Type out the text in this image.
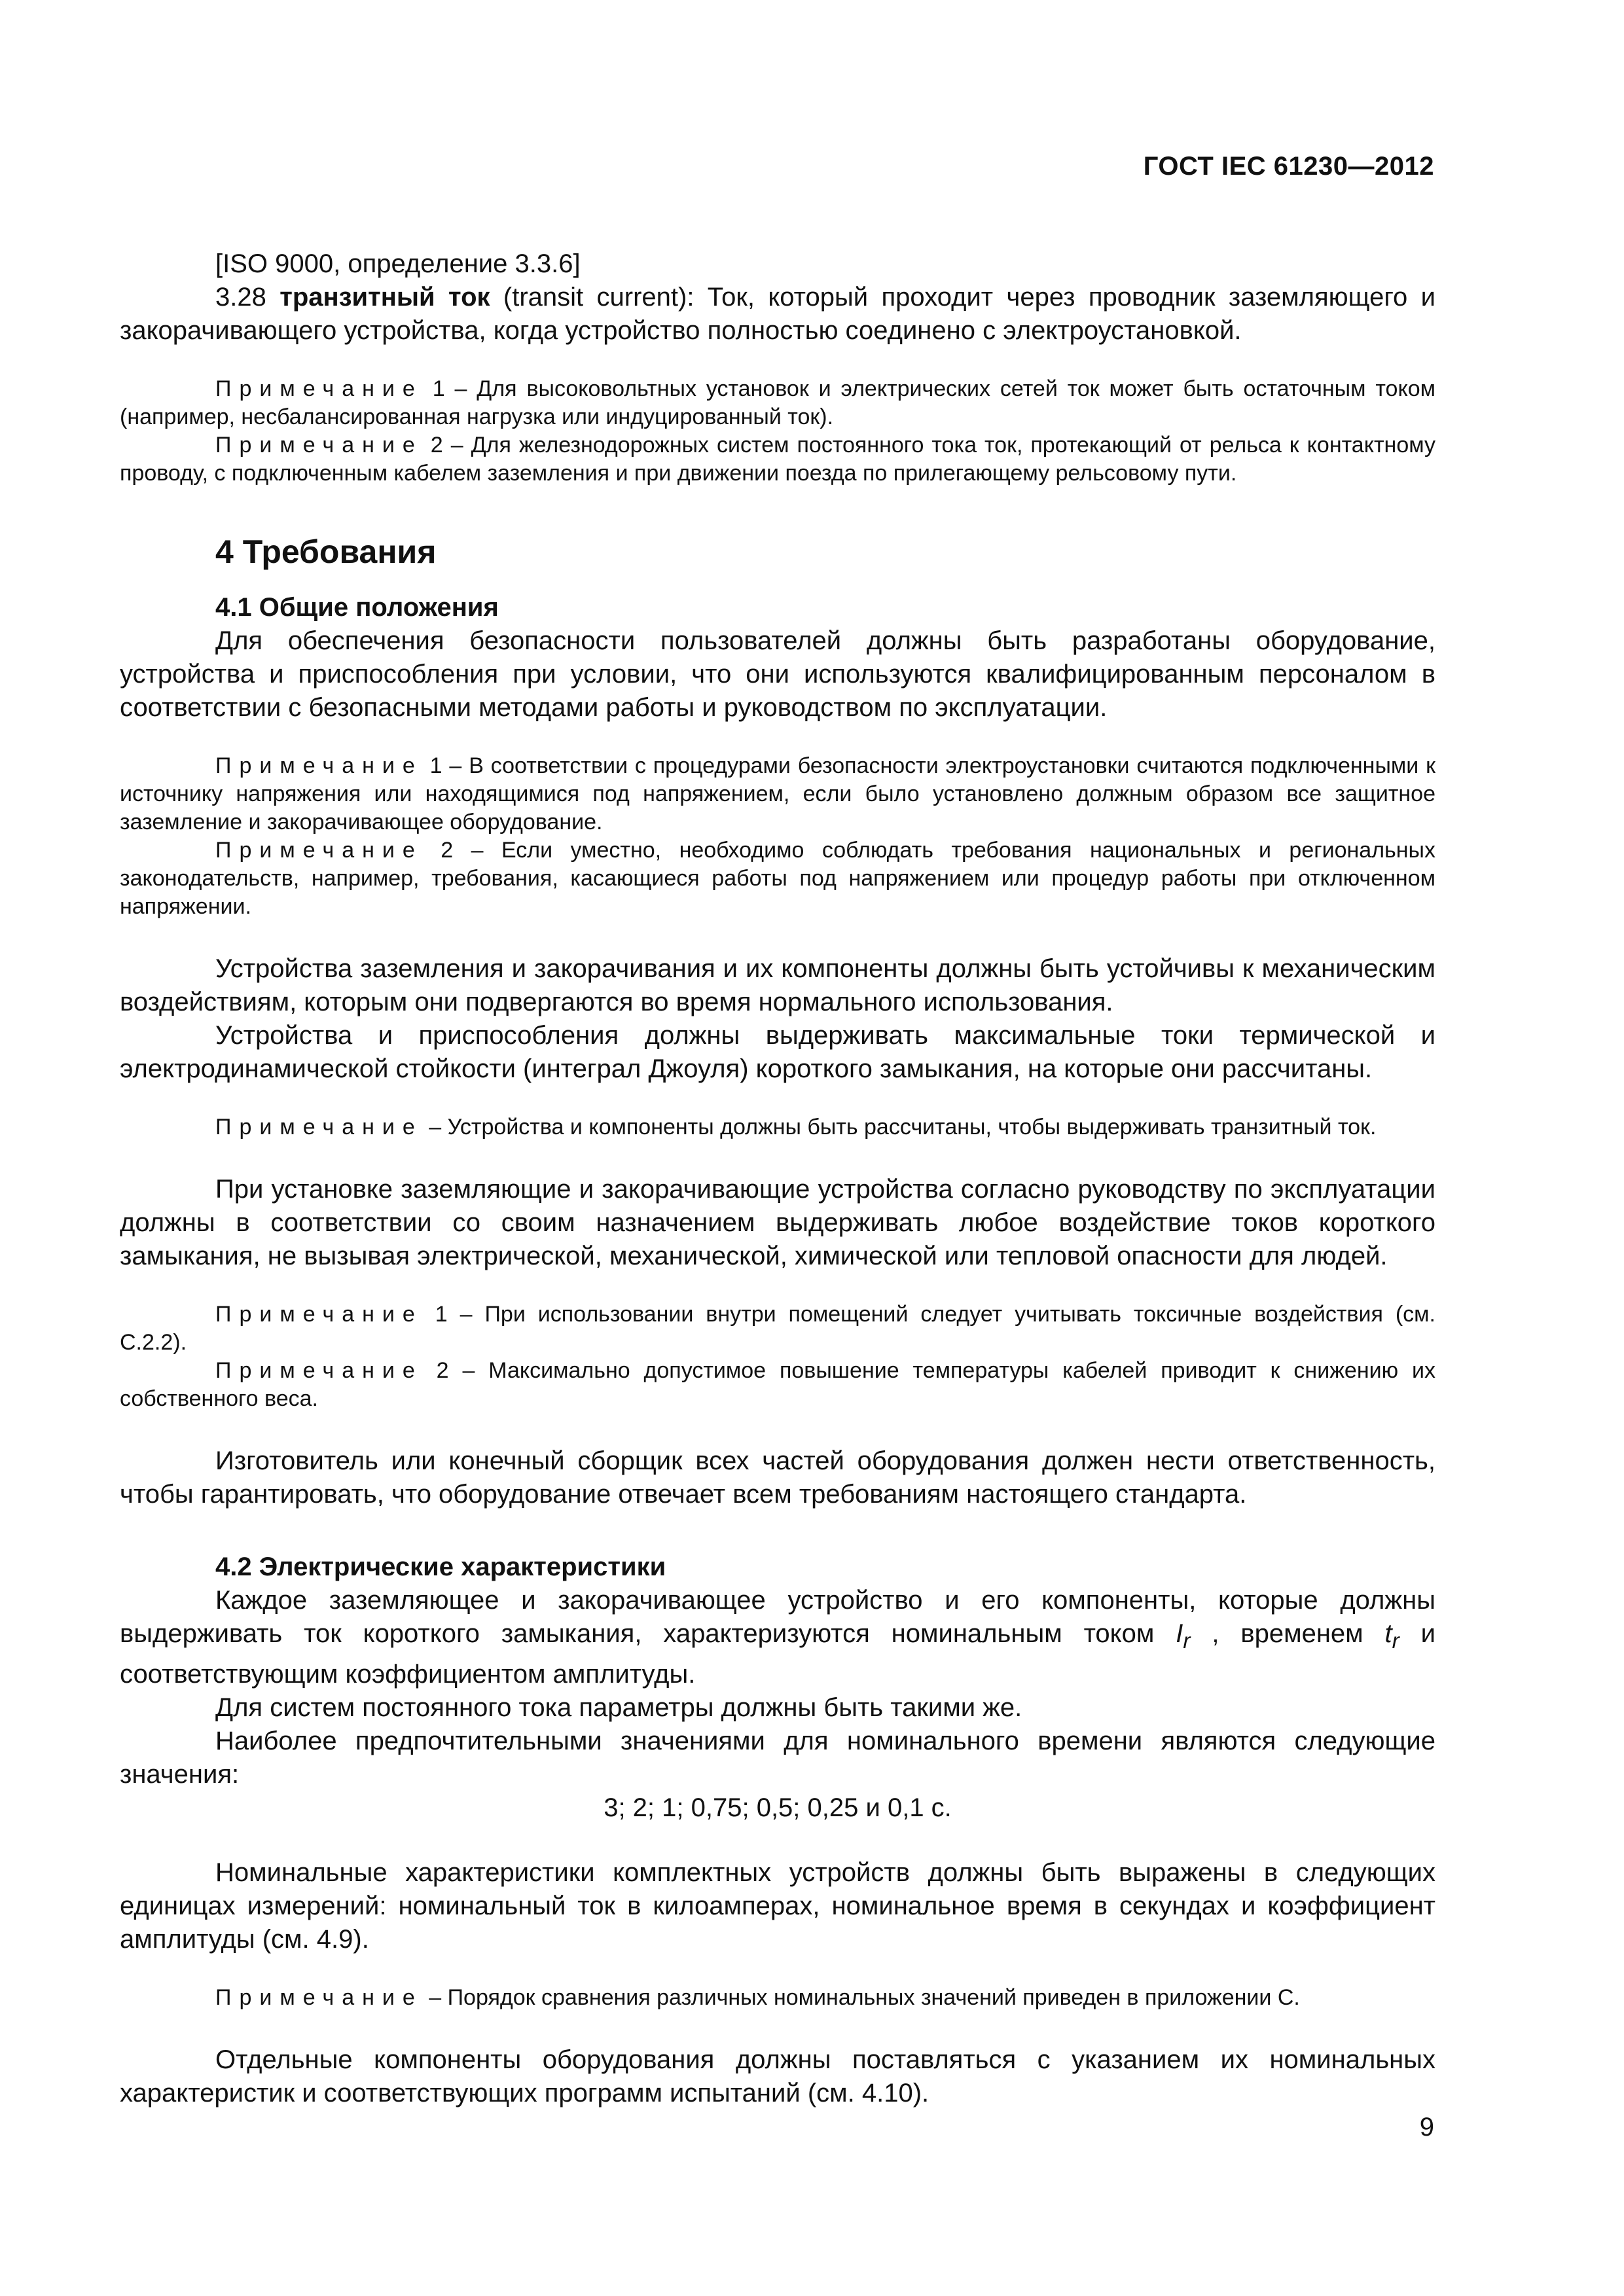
ГОСТ IEC 61230—2012

[ISO 9000, определение 3.3.6]

3.28 транзитный ток (transit current): Ток, который проходит через проводник заземляющего и закорачивающего устройства, когда устройство полностью соединено с электроустановкой.

Примечание 1 – Для высоковольтных установок и электрических сетей ток может быть остаточным током (например, несбалансированная нагрузка или индуцированный ток).

Примечание 2 – Для железнодорожных систем постоянного тока ток, протекающий от рельса к контактному проводу, с подключенным кабелем заземления и при движении поезда по прилегающему рельсовому пути.

4 Требования
4.1 Общие положения

Для обеспечения безопасности пользователей должны быть разработаны оборудование, устройства и приспособления при условии, что они используются квалифицированным персоналом в соответствии с безопасными методами работы и руководством по эксплуатации.

Примечание 1 – В соответствии с процедурами безопасности электроустановки считаются подключенными к источнику напряжения или находящимися под напряжением, если было установлено должным образом все защитное заземление и закорачивающее оборудование.

Примечание 2 – Если уместно, необходимо соблюдать требования национальных и региональных законодательств, например, требования, касающиеся работы под напряжением или процедур работы при отключенном напряжении.

Устройства заземления и закорачивания и их компоненты должны быть устойчивы к механическим воздействиям, которым они подвергаются во время нормального использования.

Устройства и приспособления должны выдерживать максимальные токи термической и электродинамической стойкости (интеграл Джоуля) короткого замыкания, на которые они рассчитаны.

Примечание – Устройства и компоненты должны быть рассчитаны, чтобы выдерживать транзитный ток.

При установке заземляющие и закорачивающие устройства согласно руководству по эксплуатации должны в соответствии со своим назначением выдерживать любое воздействие токов короткого замыкания, не вызывая электрической, механической, химической или тепловой опасности для людей.

Примечание 1 – При использовании внутри помещений следует учитывать токсичные воздействия (см. С.2.2).

Примечание 2 – Максимально допустимое повышение температуры кабелей приводит к снижению их собственного веса.

Изготовитель или конечный сборщик всех частей оборудования должен нести ответственность, чтобы гарантировать, что оборудование отвечает всем требованиям настоящего стандарта.

4.2 Электрические характеристики

Каждое заземляющее и закорачивающее устройство и его компоненты, которые должны выдерживать ток короткого замыкания, характеризуются номинальным током $I_r$ , временем $t_r$ и соответствующим коэффициентом амплитуды.

Для систем постоянного тока параметры должны быть такими же.

Наиболее предпочтительными значениями для номинального времени являются следующие значения:

3; 2; 1; 0,75; 0,5; 0,25 и 0,1 с.

Номинальные характеристики комплектных устройств должны быть выражены в следующих единицах измерений: номинальный ток в килоамперах, номинальное время в секундах и коэффициент амплитуды (см. 4.9).

Примечание – Порядок сравнения различных номинальных значений приведен в приложении С.

Отдельные компоненты оборудования должны поставляться с указанием их номинальных характеристик и соответствующих программ испытаний (см. 4.10).

9
